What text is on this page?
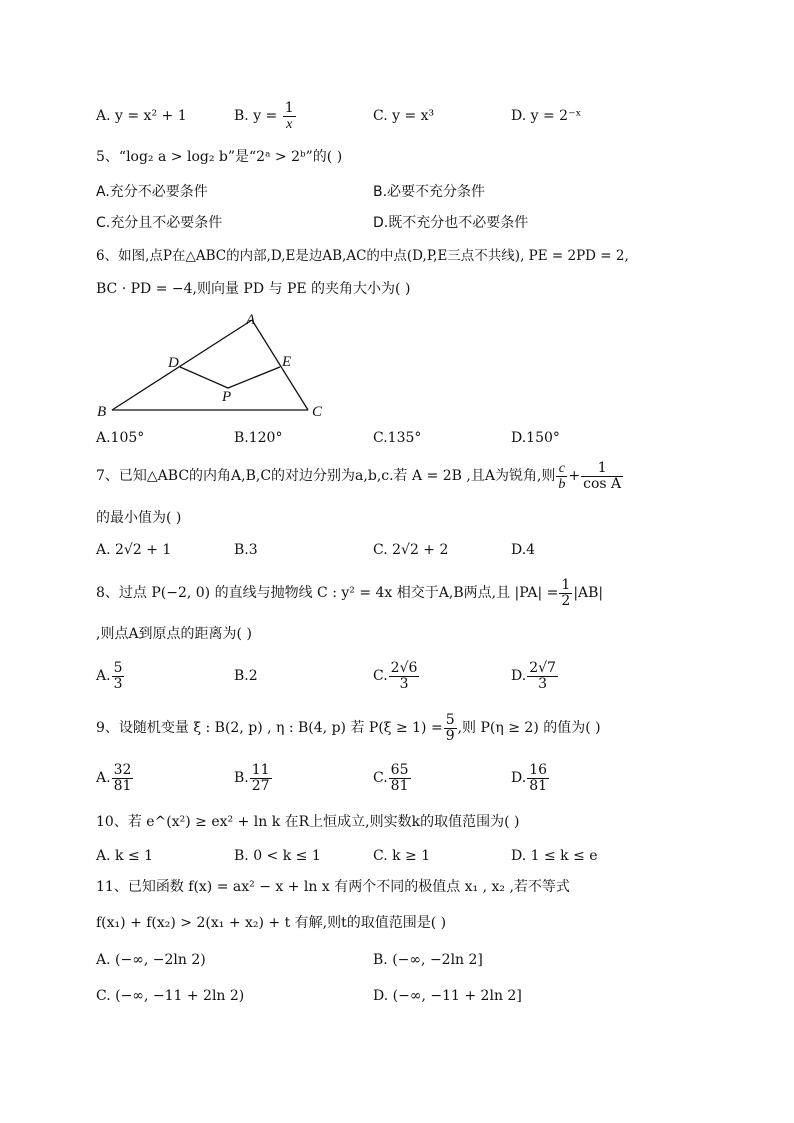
A. y = x² + 1	B. $y = \frac{1}{x}$	C. y = x³	D. y = 2⁻ˣ
5、“log₂ a > log₂ b”是“2ᵃ > 2ᵇ”的( )
A.充分不必要条件	B.必要不充分条件
C.充分且不必要条件	D.既不充分也不必要条件
6、如图,点P在△ABC的内部,D,E是边AB,AC的中点(D,P,E三点不共线), PE = 2PD = 2,
BC · PD = −4,则向量 PD 与 PE 的夹角大小为( )
A
B	C
D	E
P
A.105°	B.120°	C.135°	D.150°
7、已知△ABC的内角A,B,C的对边分别为a,b,c.若 A = 2B ,且A为锐角,则 $\frac{c}{b} + \frac{1}{\text{cos A}}$
的最小值为( )
A. 2√2 + 1	B.3	C. 2√2 + 2	D.4
8、过点 P(−2, 0) 的直线与抛物线 C : y² = 4x 相交于A,B两点,且 $|PA| = \frac{1}{2} |AB|$
,则点A到原点的距离为( )
A. $\frac{5}{3}$	B.2	C. $\frac{2√6}{3}$	D. $\frac{2√7}{3}$
9、设随机变量 ξ : B(2, p) , η : B(4, p) 若 $P(\xi \ge 1) = \frac{5}{9}$ ,则 P(η ≥ 2) 的值为( )
A. $\frac{32}{81}$	B. $\frac{11}{27}$	C. $\frac{65}{81}$	D. $\frac{16}{81}$
10、若 e^(x²) ≥ ex² + ln k 在R上恒成立,则实数k的取值范围为( )
A. k ≤ 1	B. 0 < k ≤ 1	C. k ≥ 1	D. 1 ≤ k ≤ e
11、已知函数 f(x) = ax² − x + ln x 有两个不同的极值点 x₁ , x₂ ,若不等式
f(x₁) + f(x₂) > 2(x₁ + x₂) + t 有解,则t的取值范围是( )
A. (−∞, −2ln 2)	B. (−∞, −2ln 2]
C. (−∞, −11 + 2ln 2)	D. (−∞, −11 + 2ln 2]
